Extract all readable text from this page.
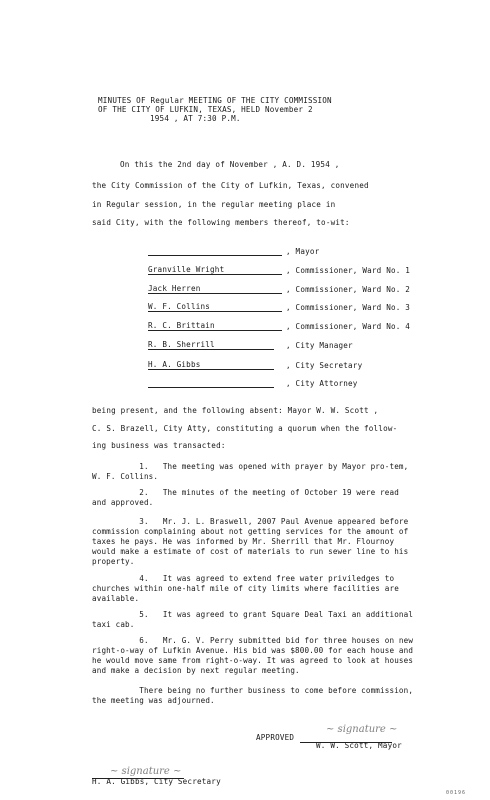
MINUTES OF Regular MEETING OF THE CITY COMMISSION
OF THE CITY OF LUFKIN, TEXAS, HELD November 2
1954 , AT 7:30 P.M.
On this the 2nd day of November , A. D. 1954 ,
the City Commission of the City of Lufkin, Texas, convened
in Regular session, in the regular meeting place in
said City, with the following members thereof, to-wit:
, Mayor
Granville Wright	, Commissioner, Ward No. 1
Jack Herren	, Commissioner, Ward No. 2
W. F. Collins	, Commissioner, Ward No. 3
R. C. Brittain	, Commissioner, Ward No. 4
R. B. Sherrill	, City Manager
H. A. Gibbs	, City Secretary
, City Attorney
being present, and the following absent: Mayor W. W. Scott ,
C. S. Brazell, City Atty, constituting a quorum when the follow-
ing business was transacted:
1.   The meeting was opened with prayer by Mayor pro-tem,
W. F. Collins.
2.   The minutes of the meeting of October 19 were read
and approved.
3.   Mr. J. L. Braswell, 2007 Paul Avenue appeared before
commission complaining about not getting services for the amount of
taxes he pays. He was informed by Mr. Sherrill that Mr. Flournoy
would make a estimate of cost of materials to run sewer line to his
property.
4.   It was agreed to extend free water priviledges to
churches within one-half mile of city limits where facilities are
available.
5.   It was agreed to grant Square Deal Taxi an additional
taxi cab.
6.   Mr. G. V. Perry submitted bid for three houses on new
right-o-way of Lufkin Avenue. His bid was $800.00 for each house and
he would move same from right-o-way. It was agreed to look at houses
and make a decision by next regular meeting.
There being no further business to come before commission,
the meeting was adjourned.
APPROVED
~ signature ~
W. W. Scott, Mayor
~ signature ~
H. A. Gibbs, City Secretary
00196
